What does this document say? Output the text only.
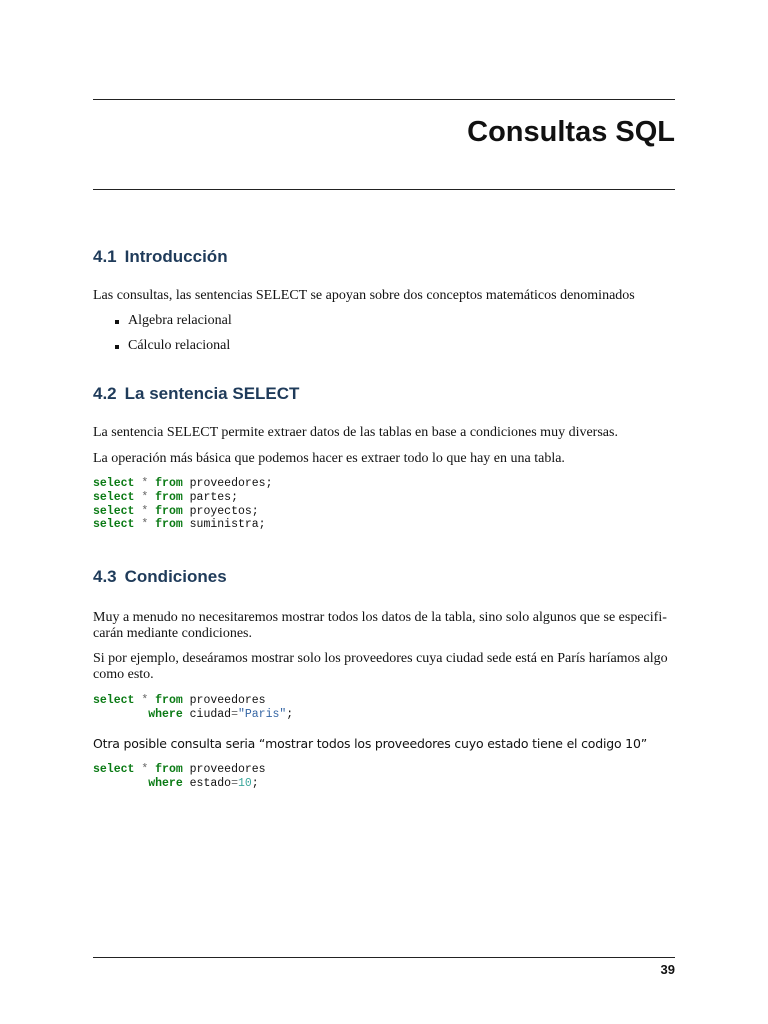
Consultas SQL
4.1 Introducción

Las consultas, las sentencias SELECT se apoyan sobre dos conceptos matemáticos denominados

Algebra relacional
Cálculo relacional
4.2 La sentencia SELECT

La sentencia SELECT permite extraer datos de las tablas en base a condiciones muy diversas.

La operación más básica que podemos hacer es extraer todo lo que hay en una tabla.

select * from proveedores;
select * from partes;
select * from proyectos;
select * from suministra;
4.3 Condiciones

Muy a menudo no necesitaremos mostrar todos los datos de la tabla, sino solo algunos que se especifi-

carán mediante condiciones.

Si por ejemplo, deseáramos mostrar solo los proveedores cuya ciudad sede está en París haríamos algo

como esto.

select * from proveedores
where ciudad="Paris";

Otra posible consulta seria “mostrar todos los proveedores cuyo estado tiene el codigo 10”

select * from proveedores
where estado=10;

39
